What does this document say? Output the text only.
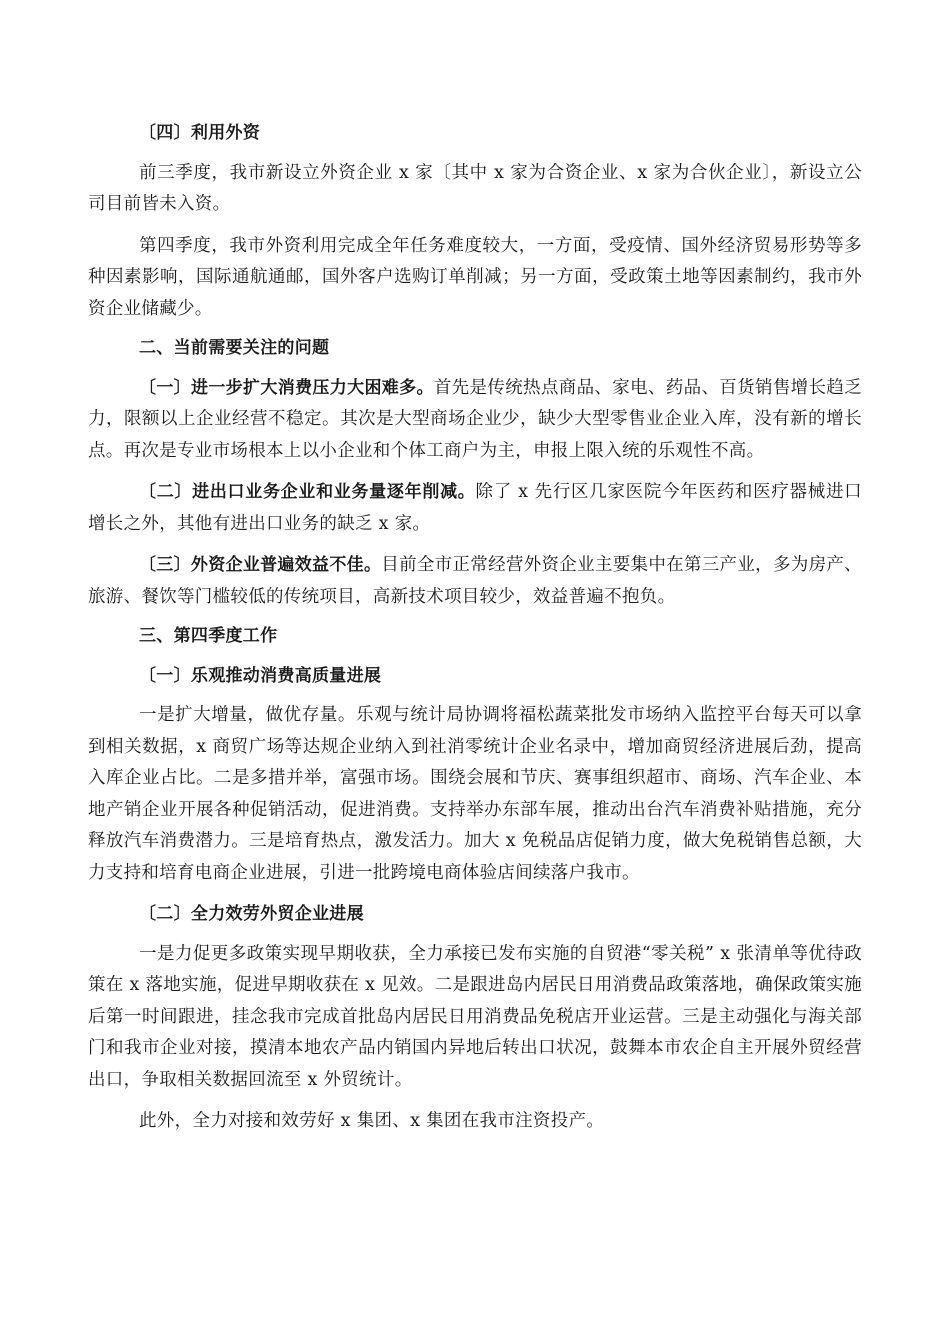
〔四〕利用外资

前三季度，我市新设立外资企业 x 家〔其中 x 家为合资企业、x 家为合伙企业〕，新设立公司目前皆未入资。

第四季度，我市外资利用完成全年任务难度较大，一方面，受疫情、国外经济贸易形势等多种因素影响，国际通航通邮，国外客户选购订单削减；另一方面，受政策土地等因素制约，我市外资企业储藏少。

二、当前需要关注的问题

〔一〕进一步扩大消费压力大困难多。首先是传统热点商品、家电、药品、百货销售增长趋乏力，限额以上企业经营不稳定。其次是大型商场企业少，缺少大型零售业企业入库，没有新的增长点。再次是专业市场根本上以小企业和个体工商户为主，申报上限入统的乐观性不高。

〔二〕进出口业务企业和业务量逐年削减。除了 x 先行区几家医院今年医药和医疗器械进口增长之外，其他有进出口业务的缺乏 x 家。

〔三〕外资企业普遍效益不佳。目前全市正常经营外资企业主要集中在第三产业，多为房产、旅游、餐饮等门槛较低的传统项目，高新技术项目较少，效益普遍不抱负。

三、第四季度工作

〔一〕乐观推动消费高质量进展

一是扩大增量，做优存量。乐观与统计局协调将福松蔬菜批发市场纳入监控平台每天可以拿到相关数据，x 商贸广场等达规企业纳入到社消零统计企业名录中，增加商贸经济进展后劲，提高入库企业占比。二是多措并举，富强市场。围绕会展和节庆、赛事组织超市、商场、汽车企业、本地产销企业开展各种促销活动，促进消费。支持举办东部车展，推动出台汽车消费补贴措施，充分释放汽车消费潜力。三是培育热点，激发活力。加大 x 免税品店促销力度，做大免税销售总额，大力支持和培育电商企业进展，引进一批跨境电商体验店间续落户我市。

〔二〕全力效劳外贸企业进展

一是力促更多政策实现早期收获，全力承接已发布实施的自贸港“零关税” x 张清单等优待政策在 x 落地实施，促进早期收获在 x 见效。二是跟进岛内居民日用消费品政策落地，确保政策实施后第一时间跟进，挂念我市完成首批岛内居民日用消费品免税店开业运营。三是主动强化与海关部门和我市企业对接，摸清本地农产品内销国内异地后转出口状况，鼓舞本市农企自主开展外贸经营出口，争取相关数据回流至 x 外贸统计。

此外，全力对接和效劳好 x 集团、x 集团在我市注资投产。
